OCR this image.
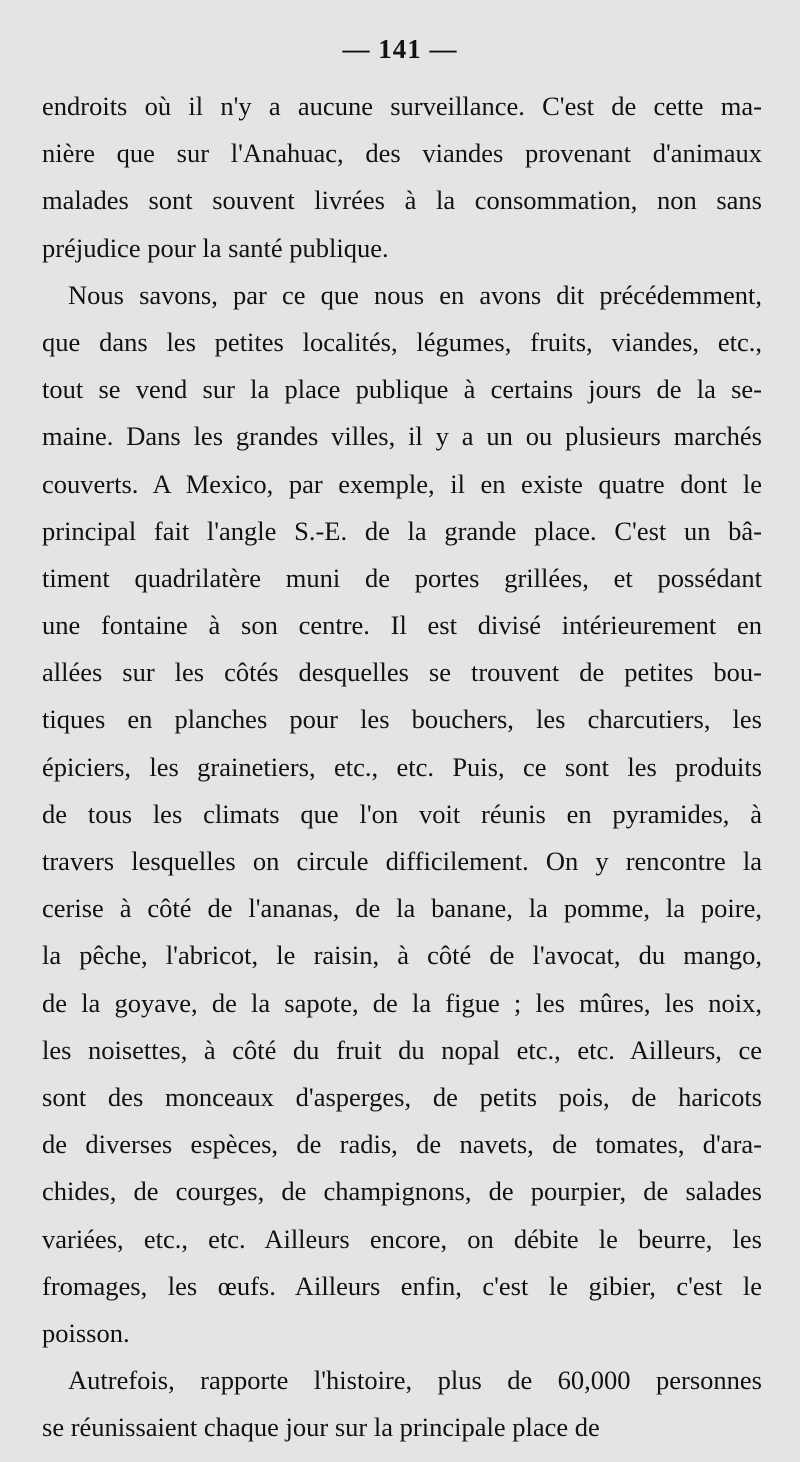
— 141 —
endroits où il n'y a aucune surveillance. C'est de cette ma-
nière que sur l'Anahuac, des viandes provenant d'animaux
malades sont souvent livrées à la consommation, non sans
préjudice pour la santé publique.
Nous savons, par ce que nous en avons dit précédemment,
que dans les petites localités, légumes, fruits, viandes, etc.,
tout se vend sur la place publique à certains jours de la se-
maine. Dans les grandes villes, il y a un ou plusieurs marchés
couverts. A Mexico, par exemple, il en existe quatre dont le
principal fait l'angle S.-E. de la grande place. C'est un bâ-
timent quadrilatère muni de portes grillées, et possédant
une fontaine à son centre. Il est divisé intérieurement en
allées sur les côtés desquelles se trouvent de petites bou-
tiques en planches pour les bouchers, les charcutiers, les
épiciers, les grainetiers, etc., etc. Puis, ce sont les produits
de tous les climats que l'on voit réunis en pyramides, à
travers lesquelles on circule difficilement. On y rencontre la
cerise à côté de l'ananas, de la banane, la pomme, la poire,
la pêche, l'abricot, le raisin, à côté de l'avocat, du mango,
de la goyave, de la sapote, de la figue ; les mûres, les noix,
les noisettes, à côté du fruit du nopal etc., etc. Ailleurs, ce
sont des monceaux d'asperges, de petits pois, de haricots
de diverses espèces, de radis, de navets, de tomates, d'ara-
chides, de courges, de champignons, de pourpier, de salades
variées, etc., etc. Ailleurs encore, on débite le beurre, les
fromages, les œufs. Ailleurs enfin, c'est le gibier, c'est le
poisson.
Autrefois, rapporte l'histoire, plus de 60,000 personnes
se réunissaient chaque jour sur la principale place de
